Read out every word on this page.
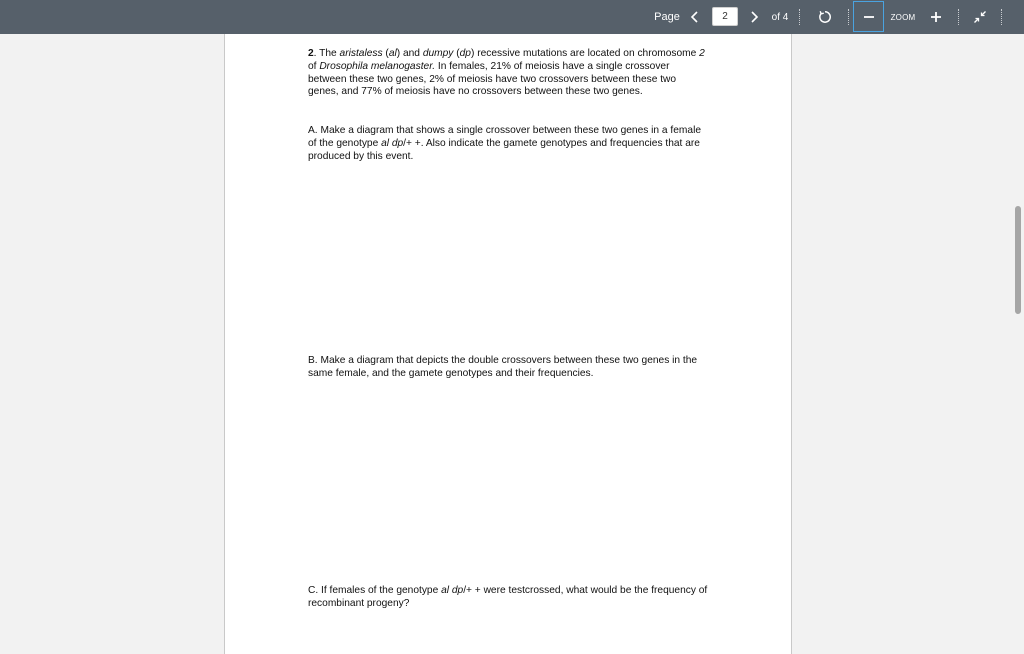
Page
2	of 4	ZOOM

2. The aristaless (al) and dumpy (dp) recessive mutations are located on chromosome 2 of Drosophila melanogaster. In females, 21% of meiosis have a single crossover between these two genes, 2% of meiosis have two crossovers between these two genes, and 77% of meiosis have no crossovers between these two genes.

A. Make a diagram that shows a single crossover between these two genes in a female of the genotype al dp/+ +. Also indicate the gamete genotypes and frequencies that are produced by this event.

B. Make a diagram that depicts the double crossovers between these two genes in the same female, and the gamete genotypes and their frequencies.

C. If females of the genotype al dp/+ + were testcrossed, what would be the frequency of recombinant progeny?
